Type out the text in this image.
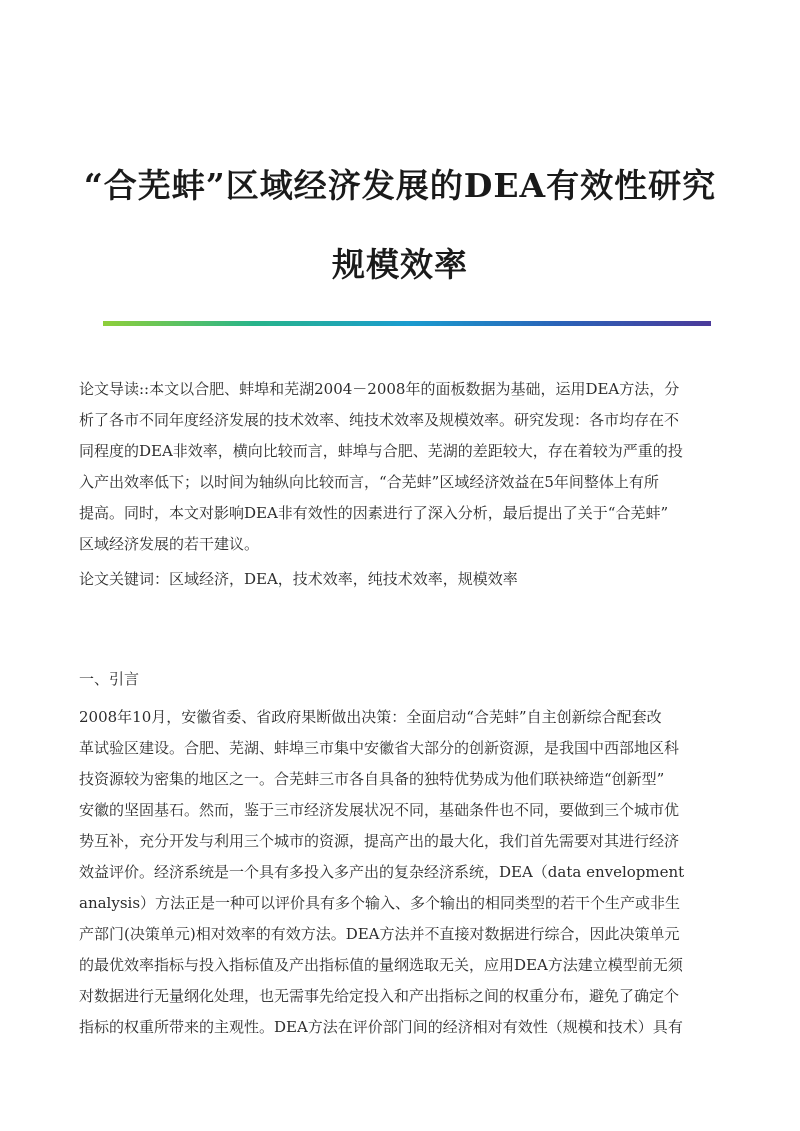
“合芜蚌”区域经济发展的DEA有效性研究
规模效率
论文导读::本文以合肥、蚌埠和芜湖2004－2008年的面板数据为基础，运用DEA方法，分
析了各市不同年度经济发展的技术效率、纯技术效率及规模效率。研究发现：各市均存在不
同程度的DEA非效率，横向比较而言，蚌埠与合肥、芜湖的差距较大，存在着较为严重的投
入产出效率低下；以时间为轴纵向比较而言，“合芜蚌”区域经济效益在5年间整体上有所
提高。同时，本文对影响DEA非有效性的因素进行了深入分析，最后提出了关于“合芜蚌”
区域经济发展的若干建议。
论文关键词：区域经济，DEA，技术效率，纯技术效率，规模效率
一、引言
2008年10月，安徽省委、省政府果断做出决策：全面启动“合芜蚌”自主创新综合配套改
革试验区建设。合肥、芜湖、蚌埠三市集中安徽省大部分的创新资源，是我国中西部地区科
技资源较为密集的地区之一。合芜蚌三市各自具备的独特优势成为他们联袂缔造“创新型”
安徽的坚固基石。然而，鉴于三市经济发展状况不同，基础条件也不同，要做到三个城市优
势互补，充分开发与利用三个城市的资源，提高产出的最大化，我们首先需要对其进行经济
效益评价。经济系统是一个具有多投入多产出的复杂经济系统，DEA（data envelopment
analysis）方法正是一种可以评价具有多个输入、多个输出的相同类型的若干个生产或非生
产部门(决策单元)相对效率的有效方法。DEA方法并不直接对数据进行综合，因此决策单元
的最优效率指标与投入指标值及产出指标值的量纲选取无关，应用DEA方法建立模型前无须
对数据进行无量纲化处理，也无需事先给定投入和产出指标之间的权重分布，避免了确定个
指标的权重所带来的主观性。DEA方法在评价部门间的经济相对有效性（规模和技术）具有
